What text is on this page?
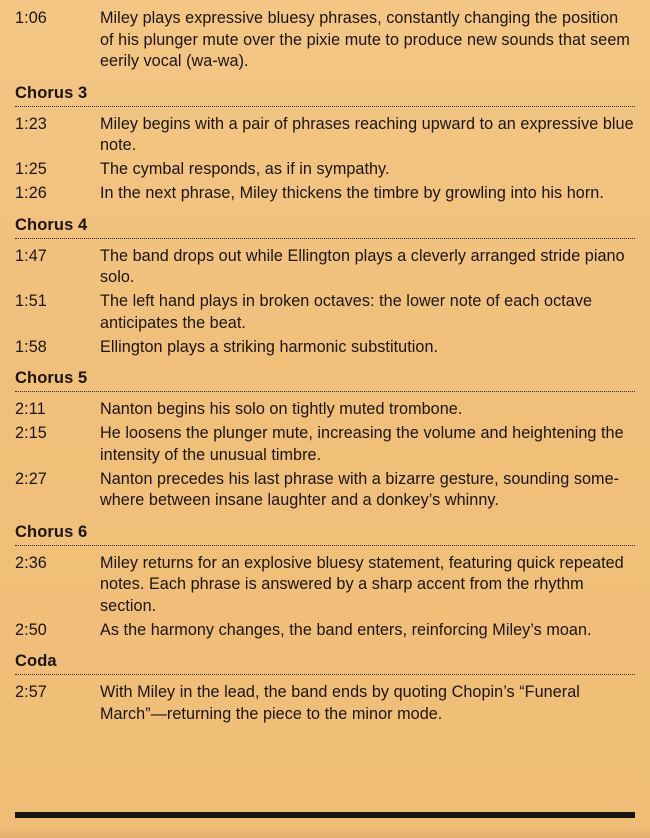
1:06	Miley plays expressive bluesy phrases, constantly changing the position of his plunger mute over the pixie mute to produce new sounds that seem eerily vocal (wa-wa).
Chorus 3
1:23	Miley begins with a pair of phrases reaching upward to an expressive blue note.
1:25	The cymbal responds, as if in sympathy.
1:26	In the next phrase, Miley thickens the timbre by growling into his horn.
Chorus 4
1:47	The band drops out while Ellington plays a cleverly arranged stride piano solo.
1:51	The left hand plays in broken octaves: the lower note of each octave anticipates the beat.
1:58	Ellington plays a striking harmonic substitution.
Chorus 5
2:11	Nanton begins his solo on tightly muted trombone.
2:15	He loosens the plunger mute, increasing the volume and heightening the intensity of the unusual timbre.
2:27	Nanton precedes his last phrase with a bizarre gesture, sounding some-where between insane laughter and a donkey’s whinny.
Chorus 6
2:36	Miley returns for an explosive bluesy statement, featuring quick repeated notes. Each phrase is answered by a sharp accent from the rhythm section.
2:50	As the harmony changes, the band enters, reinforcing Miley’s moan.
Coda
2:57	With Miley in the lead, the band ends by quoting Chopin’s “Funeral March”—returning the piece to the minor mode.
